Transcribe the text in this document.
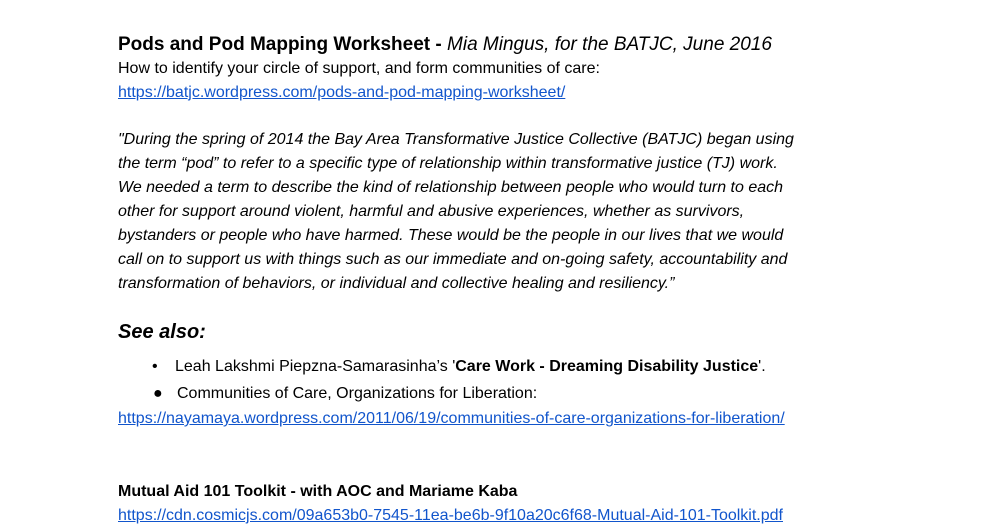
Pods and Pod Mapping Worksheet - Mia Mingus, for the BATJC, June 2016

How to identify your circle of support, and form communities of care:

https://batjc.wordpress.com/pods-and-pod-mapping-worksheet/

"During the spring of 2014 the Bay Area Transformative Justice Collective (BATJC) began using
the term “pod” to refer to a specific type of relationship within transformative justice (TJ) work.
We needed a term to describe the kind of relationship between people who would turn to each
other for support around violent, harmful and abusive experiences, whether as survivors,
bystanders or people who have harmed. These would be the people in our lives that we would
call on to support us with things such as our immediate and on-going safety, accountability and
transformation of behaviors, or individual and collective healing and resiliency.”

See also:

• Leah Lakshmi Piepzna-Samarasinha’s 'Care Work - Dreaming Disability Justice'.
● Communities of Care, Organizations for Liberation:

https://nayamaya.wordpress.com/2011/06/19/communities-of-care-organizations-for-liberation/

Mutual Aid 101 Toolkit - with AOC and Mariame Kaba

https://cdn.cosmicjs.com/09a653b0-7545-11ea-be6b-9f10a20c6f68-Mutual-Aid-101-Toolkit.pdf
